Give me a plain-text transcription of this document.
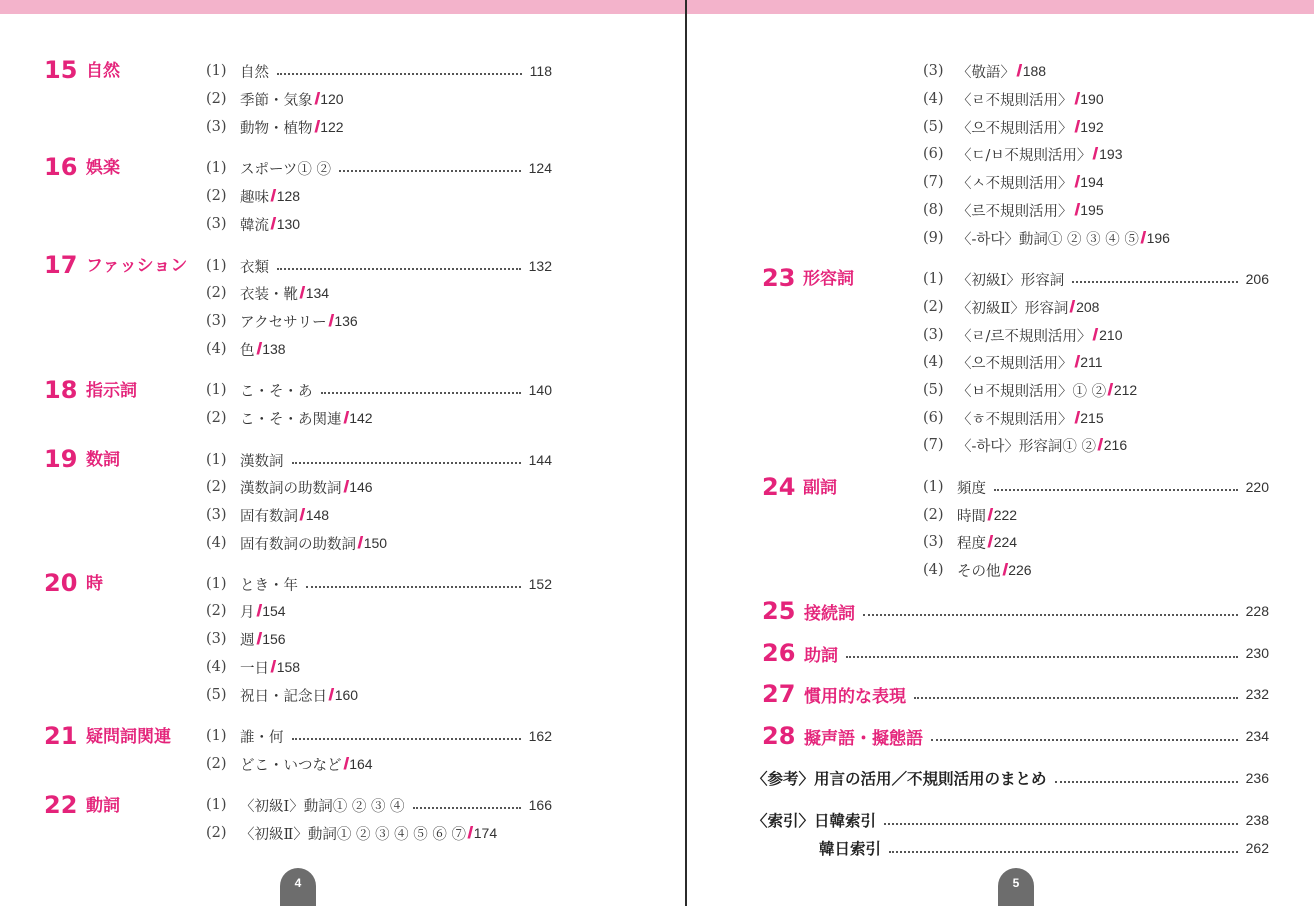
15 自然	(1) 自然	118
(2) 季節・気象 / 120
(3) 動物・植物 / 122
16 娯楽	(1) スポーツ① ②	124
(2) 趣味 / 128
(3) 韓流 / 130
17 ファッション (1) 衣類	132
(2) 衣装・靴 / 134
(3) アクセサリー / 136
(4) 色 / 138
18 指示詞	(1) こ・そ・あ	140
(2) こ・そ・あ関連 / 142
19 数詞	(1) 漢数詞	144
(2) 漢数詞の助数詞 / 146
(3) 固有数詞 / 148
(4) 固有数詞の助数詞 / 150
20 時	(1) とき・年	152
(2) 月 / 154
(3) 週 / 156
(4) 一日 / 158
(5) 祝日・記念日 / 160
21 疑問詞関連 (1) 誰・何	162
(2) どこ・いつなど / 164
22 動詞	(1) 〈初級Ⅰ〉動詞① ② ③ ④	166
(2) 〈初級Ⅱ〉動詞① ② ③ ④ ⑤ ⑥ ⑦ / 174
4
(3) 〈敬語〉 / 188
(4) 〈ㄹ不規則活用〉 / 190
(5) 〈으不規則活用〉 / 192
(6) 〈ㄷ/ㅂ不規則活用〉 / 193
(7) 〈ㅅ不規則活用〉 / 194
(8) 〈르不規則活用〉 / 195
(9) 〈-하다〉動詞① ② ③ ④ ⑤ / 196
23 形容詞	(1) 〈初級Ⅰ〉形容詞	206
(2) 〈初級Ⅱ〉形容詞 / 208
(3) 〈ㄹ/르不規則活用〉 / 210
(4) 〈으不規則活用〉 / 211
(5) 〈ㅂ不規則活用〉① ② / 212
(6) 〈ㅎ不規則活用〉 / 215
(7) 〈-하다〉形容詞① ② / 216
24 副詞	(1) 頻度	220
(2) 時間 / 222
(3) 程度 / 224
(4) その他 / 226
25 接続詞	228
26 助詞	230
27 慣用的な表現	232
28 擬声語・擬態語	234
〈参考〉用言の活用／不規則活用のまとめ	236
〈索引〉日韓索引	238
韓日索引	262
5
